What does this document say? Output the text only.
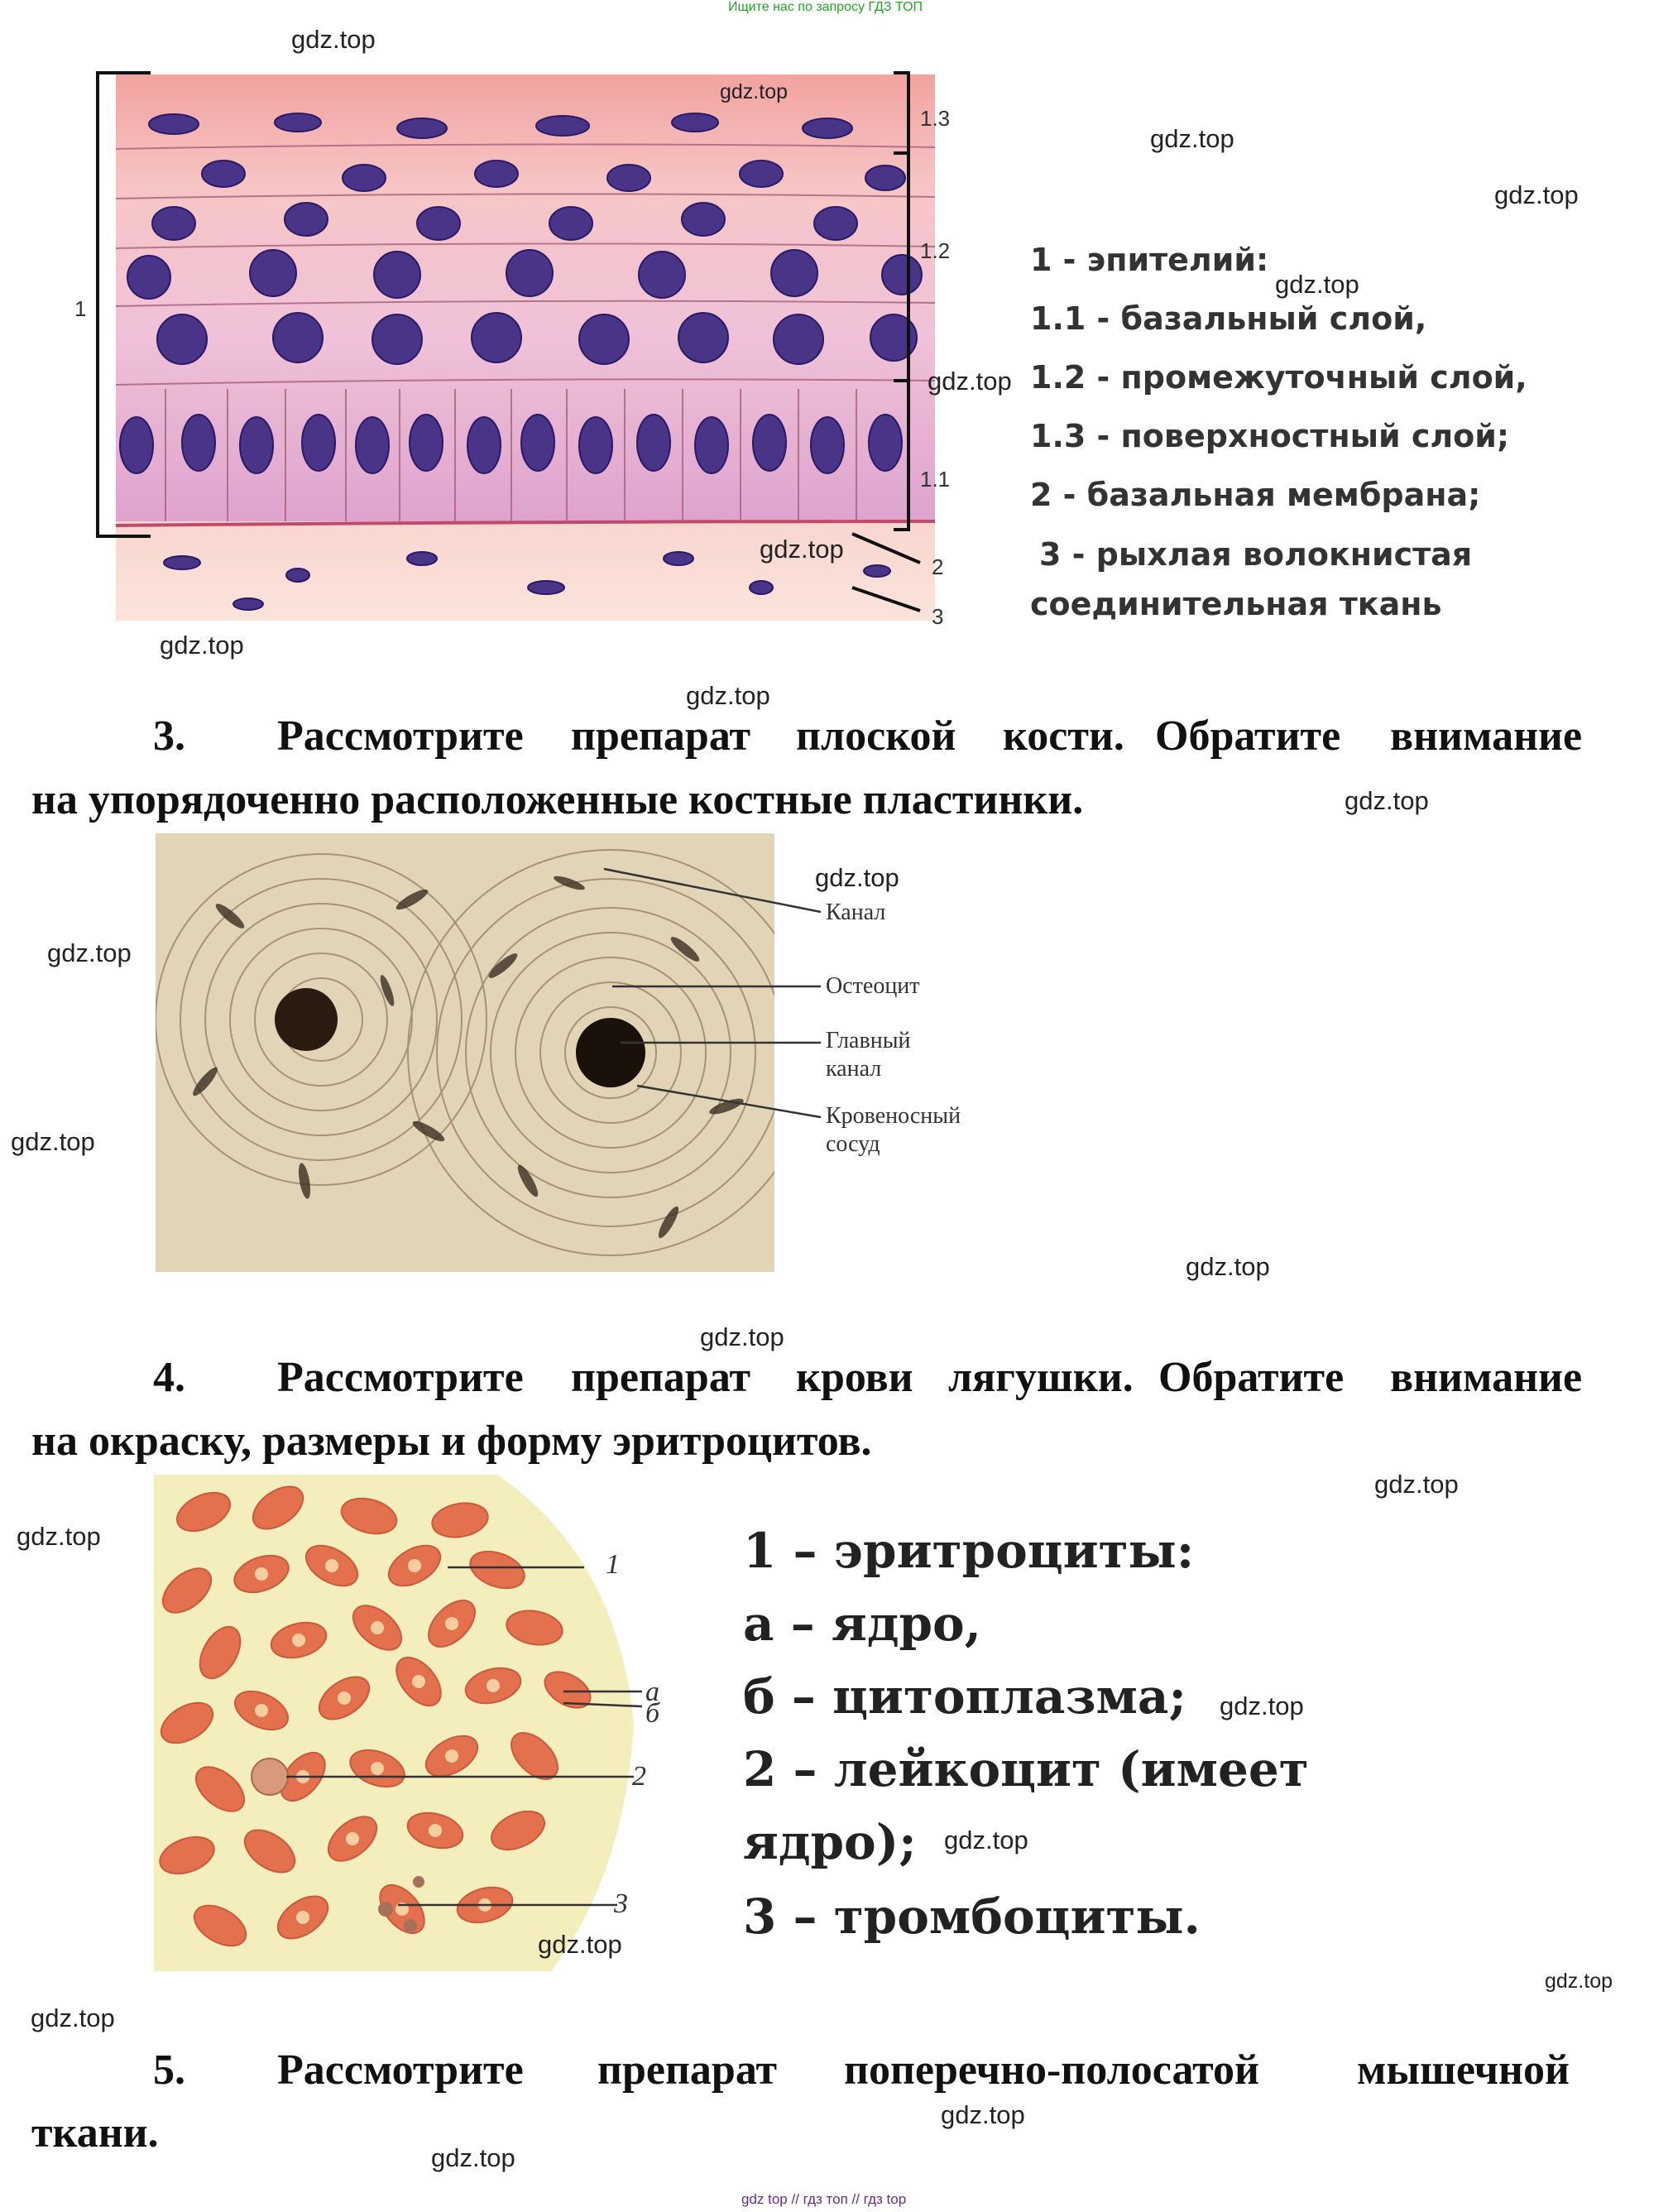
Ищите нас по запросу ГДЗ ТОП
1
1.3
1.2
1.1
2
3
1 - эпителий:
1.1 - базальный слой,
1.2 - промежуточный слой,
1.3 - поверхностный слой;
2 - базальная мембрана;
3 - рыхлая волокнистая
соединительная ткань
3. Рассмотрите препарат плоской кости. Обратите внимание
на упорядоченно расположенные костные пластинки.
Канал
Остеоцит
Главный
канал
Кровеносный
сосуд
4. Рассмотрите препарат крови лягушки. Обратите внимание
на окраску, размеры и форму эритроцитов.
1
а
б
2
3
1 – эритроциты:
а – ядро,
б – цитоплазма;
2 – лейкоцит (имеет
ядро);
3 – тромбоциты.
5. Рассмотрите препарат поперечно-полосатой мышечной
ткани.
gdz top // гдз топ // гдз top
gdz.top
gdz.top
gdz.top
gdz.top
gdz.top
gdz.top
gdz.top
gdz.top
gdz.top
gdz.top
gdz.top
gdz.top
gdz.top
gdz.top
gdz.top
gdz.top
gdz.top
gdz.top
gdz.top
gdz.top
gdz.top
gdz.top
gdz.top
gdz.top
